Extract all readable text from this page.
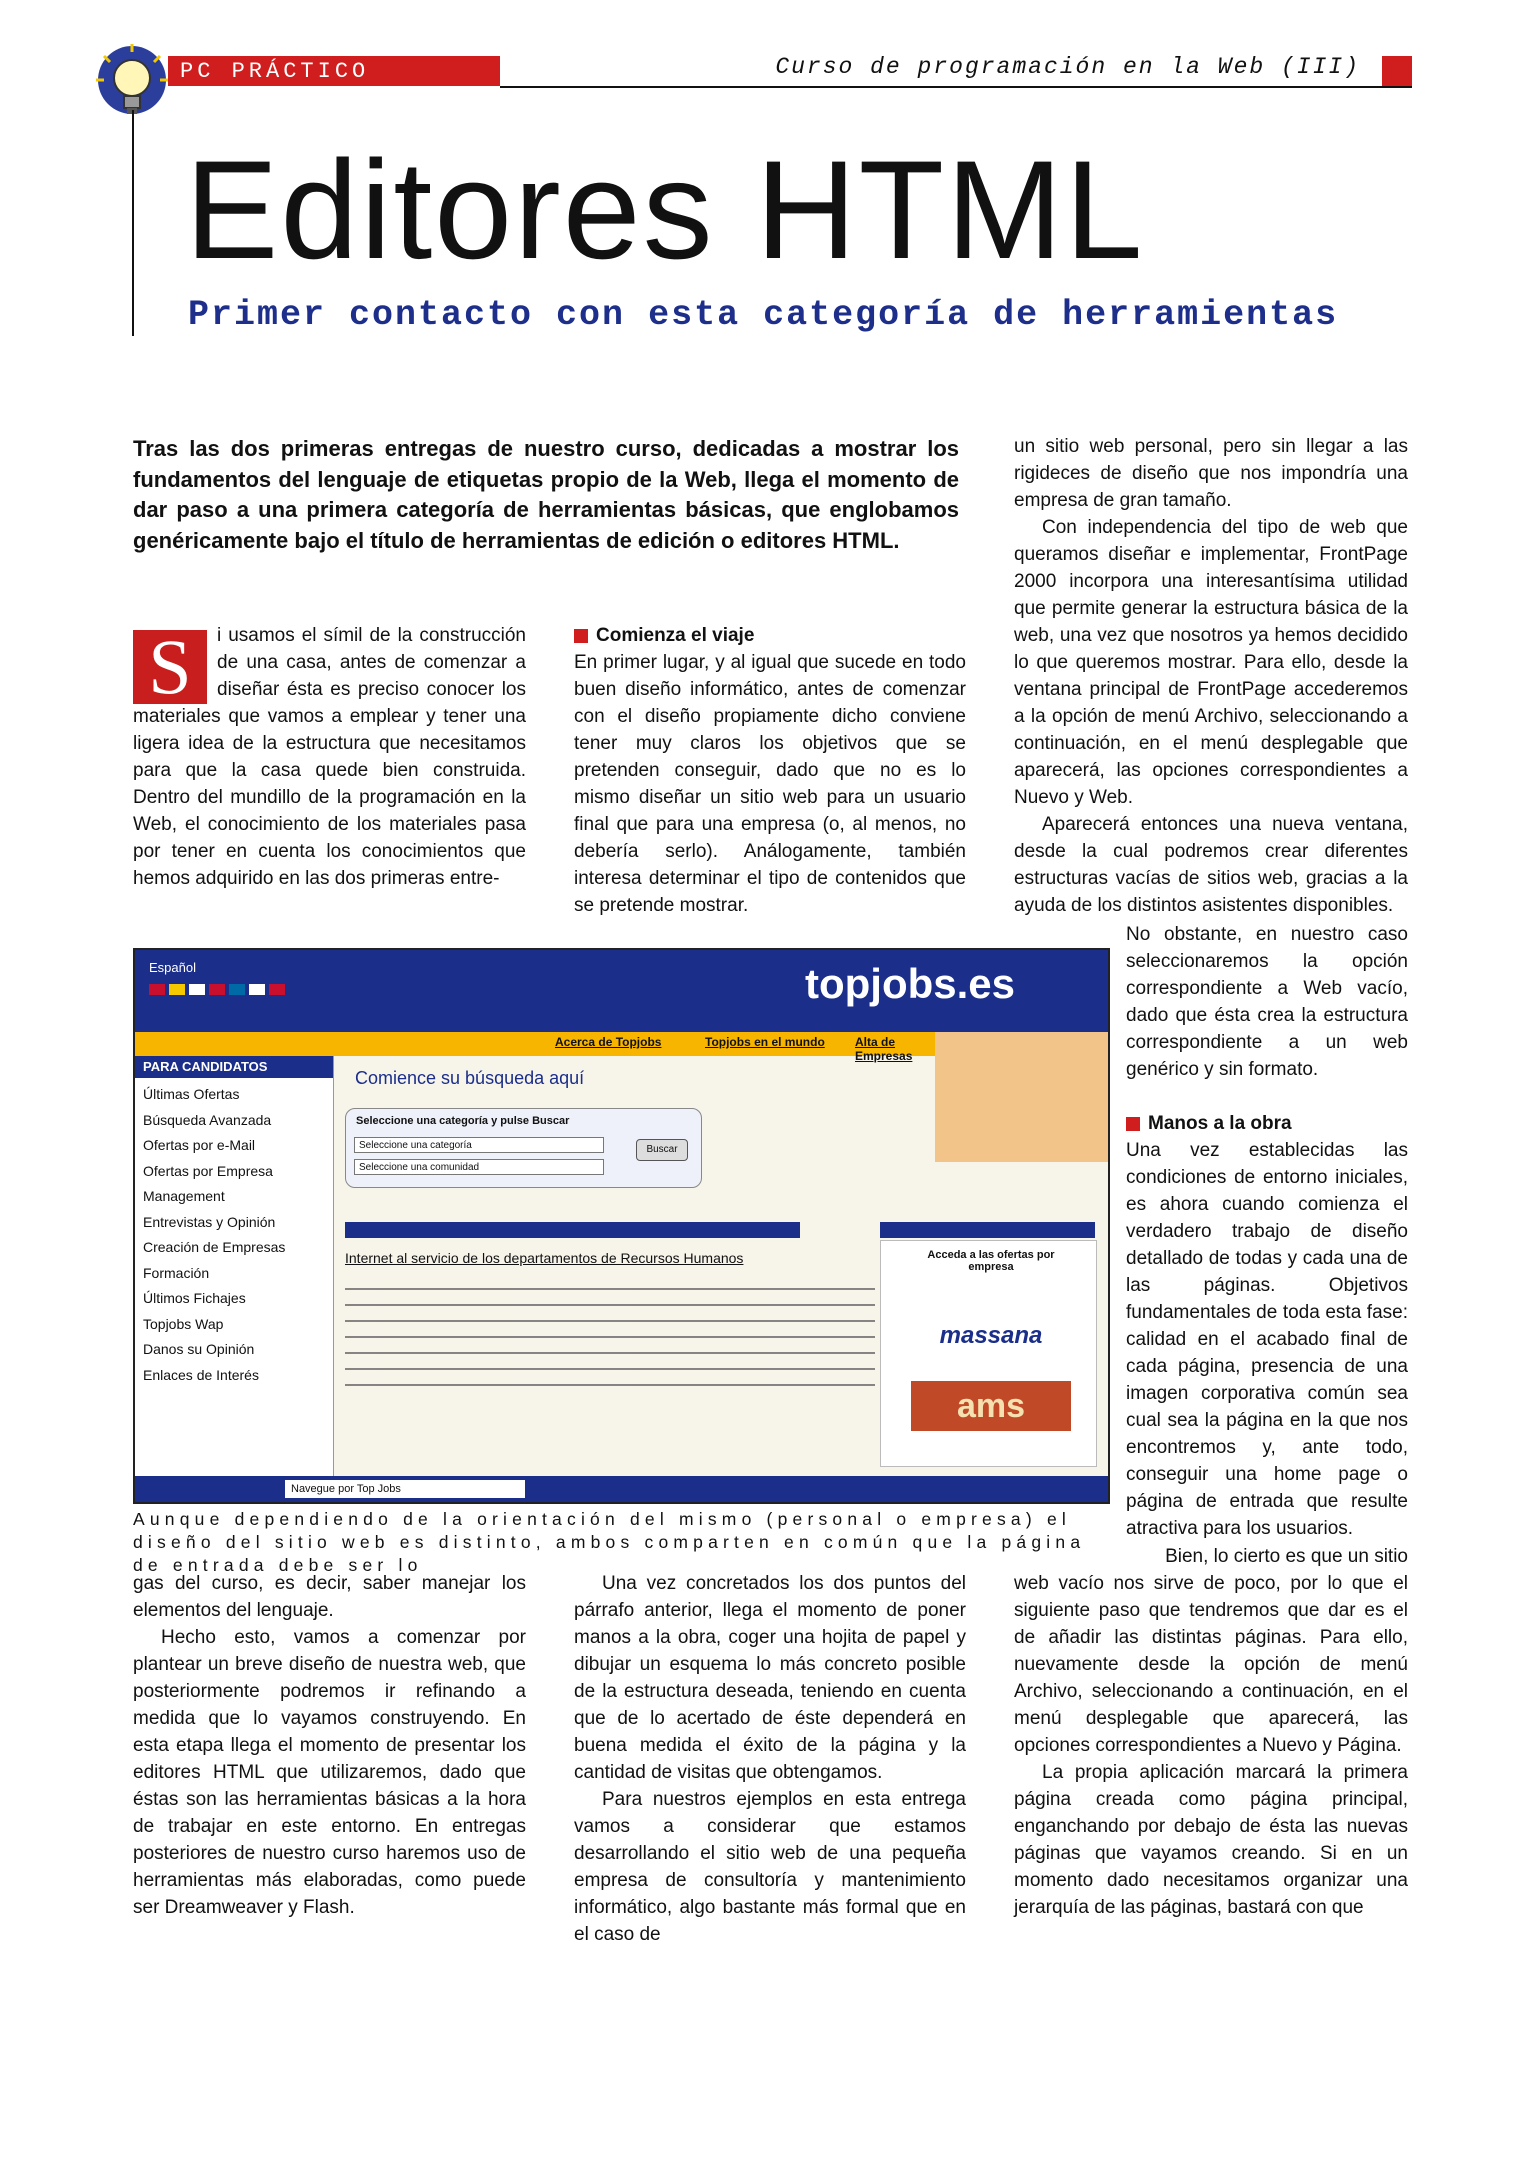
PC PRÁCTICO	Curso de programación en la Web (III)
Editores HTML
Primer contacto con esta categoría de herramientas

Tras las dos primeras entregas de nuestro curso, dedicadas a mostrar los fundamentos del lenguaje de etiquetas propio de la Web, llega el momento de dar paso a una primera categoría de herramientas básicas, que englobamos genéricamente bajo el título de herramientas de edición o editores HTML.

S	i usamos el símil de la construcción de una casa, antes de comenzar a diseñar ésta es preciso conocer los materiales que vamos a emplear y tener una ligera idea de la estructura que necesitamos para que la casa quede bien construida. Dentro del mundillo de la programación en la Web, el conocimiento de los materiales pasa por tener en cuenta los conocimientos que hemos adquirido en las dos primeras entre-

Comienza el viaje

En primer lugar, y al igual que sucede en todo buen diseño informático, antes de comenzar con el diseño propiamente dicho conviene tener muy claros los objetivos que se pretenden conseguir, dado que no es lo mismo diseñar un sitio web para un usuario final que para una empresa (o, al menos, no debería serlo). Análogamente, también interesa determinar el tipo de contenidos que se pretende mostrar.

un sitio web personal, pero sin llegar a las rigideces de diseño que nos impondría una empresa de gran tamaño.

Con independencia del tipo de web que queramos diseñar e implementar, FrontPage 2000 incorpora una interesantísima utilidad que permite generar la estructura básica de la web, una vez que nosotros ya hemos decidido lo que queremos mostrar. Para ello, desde la ventana principal de FrontPage accederemos a la opción de menú Archivo, seleccionando a continuación, en el menú desplegable que aparecerá, las opciones correspondientes a Nuevo y Web.

Aparecerá entonces una nueva ventana, desde la cual podremos crear diferentes estructuras vacías de sitios web, gracias a la ayuda de los distintos asistentes disponibles.

No obstante, en nuestro caso seleccionaremos la opción correspondiente a Web vacío, dado que ésta crea la estructura correspondiente a un web genérico y sin formato.

Manos a la obra

Una vez establecidas las condiciones de entorno iniciales, es ahora cuando comienza el verdadero trabajo de diseño detallado de todas y cada una de las páginas. Objetivos fundamentales de toda esta fase: calidad en el acabado final de cada página, presencia de una imagen corporativa común sea cual sea la página en la que nos encontremos y, ante todo, conseguir una home page o página de entrada que resulte atractiva para los usuarios.

Bien, lo cierto es que un sitio

Español	topjobs.es
Acerca de Topjobs	Topjobs en el mundo	Alta de Empresas
PARA CANDIDATOS
Últimas Ofertas
Búsqueda Avanzada
Ofertas por e-Mail
Ofertas por Empresa
Management
Entrevistas y Opinión
Creación de Empresas
Formación
Últimos Fichajes
Topjobs Wap
Danos su Opinión
Enlaces de Interés
Comience su búsqueda aquí
Seleccione una categoría y pulse Buscar
Seleccione una categoría
Seleccione una comunidad
Buscar
Internet al servicio de los departamentos de Recursos Humanos	Acceda a las ofertas por empresa
massana
ams
Navegue por Top Jobs

Aunque dependiendo de la orientación del mismo (personal o empresa) el diseño del sitio web es distinto, ambos comparten en común que la página de entrada debe ser lo

gas del curso, es decir, saber manejar los elementos del lenguaje.

Hecho esto, vamos a comenzar por plantear un breve diseño de nuestra web, que posteriormente podremos ir refinando a medida que lo vayamos construyendo. En esta etapa llega el momento de presentar los editores HTML que utilizaremos, dado que éstas son las herramientas básicas a la hora de trabajar en este entorno. En entregas posteriores de nuestro curso haremos uso de herramientas más elaboradas, como puede ser Dreamweaver y Flash.

Una vez concretados los dos puntos del párrafo anterior, llega el momento de poner manos a la obra, coger una hojita de papel y dibujar un esquema lo más concreto posible de la estructura deseada, teniendo en cuenta que de lo acertado de éste dependerá en buena medida el éxito de la página y la cantidad de visitas que obtengamos.

Para nuestros ejemplos en esta entrega vamos a considerar que estamos desarrollando el sitio web de una pequeña empresa de consultoría y mantenimiento informático, algo bastante más formal que en el caso de

web vacío nos sirve de poco, por lo que el siguiente paso que tendremos que dar es el de añadir las distintas páginas. Para ello, nuevamente desde la opción de menú Archivo, seleccionando a continuación, en el menú desplegable que aparecerá, las opciones correspondientes a Nuevo y Página.

La propia aplicación marcará la primera página creada como página principal, enganchando por debajo de ésta las nuevas páginas que vayamos creando. Si en un momento dado necesitamos organizar una jerarquía de las páginas, bastará con que
